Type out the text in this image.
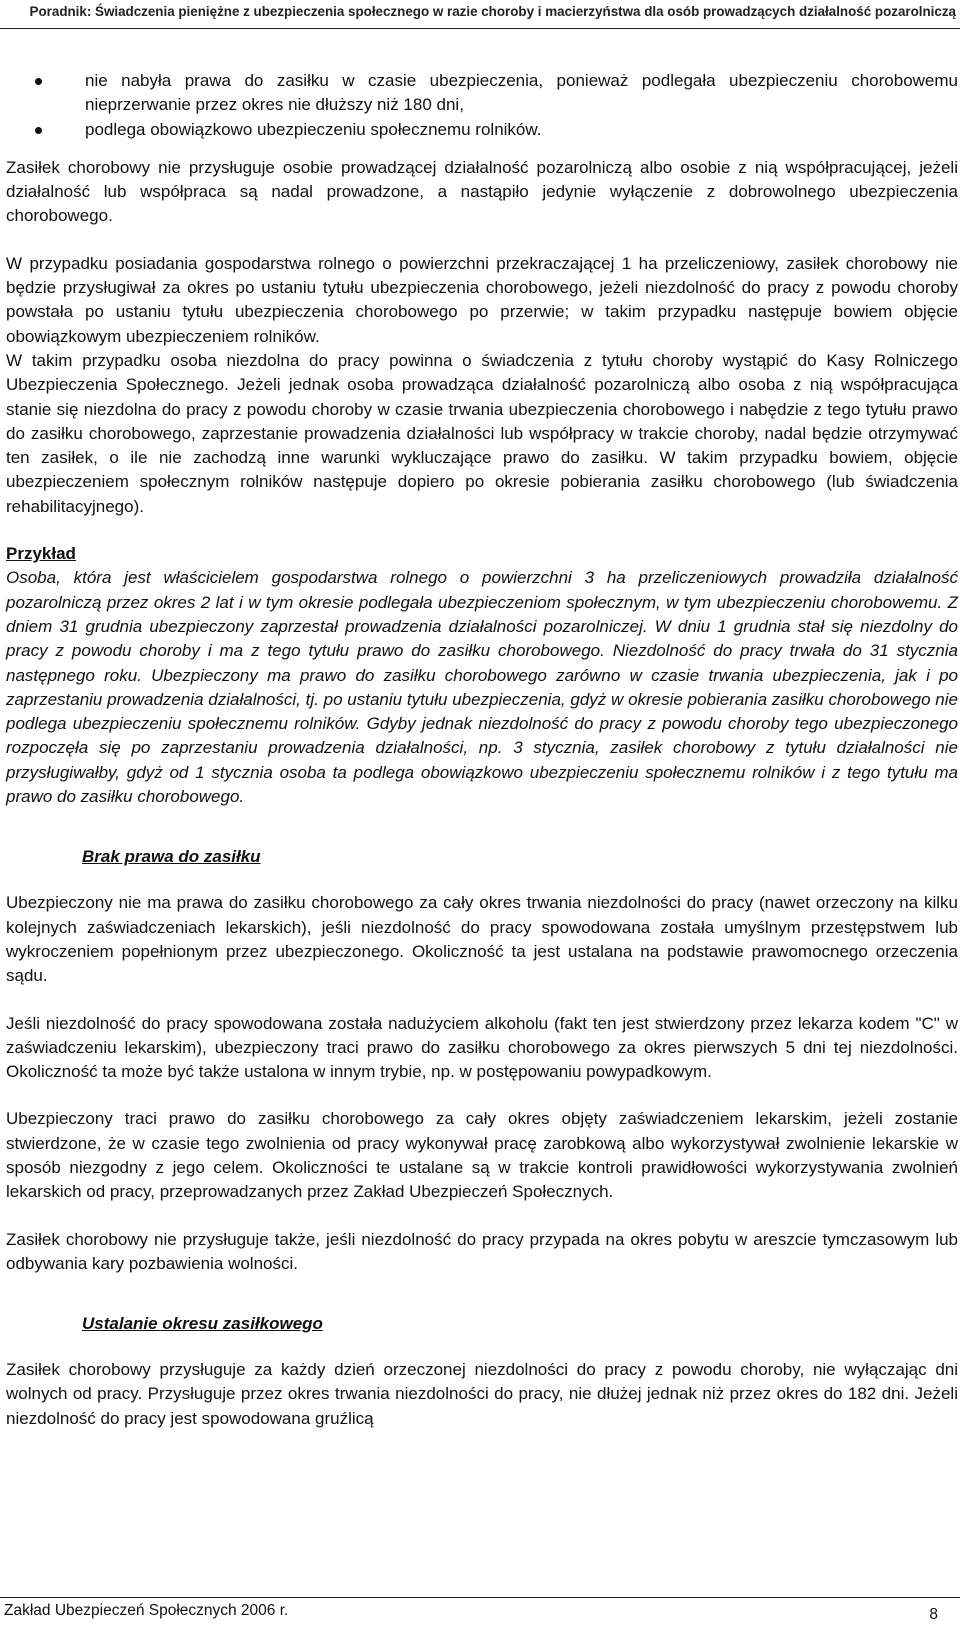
Poradnik: Świadczenia pieniężne z ubezpieczenia społecznego w razie choroby i macierzyństwa dla osób prowadzących działalność pozarolniczą
nie nabyła prawa do zasiłku w czasie ubezpieczenia, ponieważ podlegała ubezpieczeniu chorobowemu nieprzerwanie przez okres nie dłuższy niż 180 dni,
podlega obowiązkowo ubezpieczeniu społecznemu rolników.

Zasiłek chorobowy nie przysługuje osobie prowadzącej działalność pozarolniczą albo osobie z nią współpracującej, jeżeli działalność lub współpraca są nadal prowadzone, a nastąpiło jedynie wyłączenie z dobrowolnego ubezpieczenia chorobowego.

W przypadku posiadania gospodarstwa rolnego o powierzchni przekraczającej 1 ha przeliczeniowy, zasiłek chorobowy nie będzie przysługiwał za okres po ustaniu tytułu ubezpieczenia chorobowego, jeżeli niezdolność do pracy z powodu choroby powstała po ustaniu tytułu ubezpieczenia chorobowego po przerwie; w takim przypadku następuje bowiem objęcie obowiązkowym ubezpieczeniem rolników.

W takim przypadku osoba niezdolna do pracy powinna o świadczenia z tytułu choroby wystąpić do Kasy Rolniczego Ubezpieczenia Społecznego. Jeżeli jednak osoba prowadząca działalność pozarolniczą albo osoba z nią współpracująca stanie się niezdolna do pracy z powodu choroby w czasie trwania ubezpieczenia chorobowego i nabędzie z tego tytułu prawo do zasiłku chorobowego, zaprzestanie prowadzenia działalności lub współpracy w trakcie choroby, nadal będzie otrzymywać ten zasiłek, o ile nie zachodzą inne warunki wykluczające prawo do zasiłku. W takim przypadku bowiem, objęcie ubezpieczeniem społecznym rolników następuje dopiero po okresie pobierania zasiłku chorobowego (lub świadczenia rehabilitacyjnego).

Przykład

Osoba, która jest właścicielem gospodarstwa rolnego o powierzchni 3 ha przeliczeniowych prowadziła działalność pozarolniczą przez okres 2 lat i w tym okresie podlegała ubezpieczeniom społecznym, w tym ubezpieczeniu chorobowemu. Z dniem 31 grudnia ubezpieczony zaprzestał prowadzenia działalności pozarolniczej. W dniu 1 grudnia stał się niezdolny do pracy z powodu choroby i ma z tego tytułu prawo do zasiłku chorobowego. Niezdolność do pracy trwała do 31 stycznia następnego roku. Ubezpieczony ma prawo do zasiłku chorobowego zarówno w czasie trwania ubezpieczenia, jak i po zaprzestaniu prowadzenia działalności, tj. po ustaniu tytułu ubezpieczenia, gdyż w okresie pobierania zasiłku chorobowego nie podlega ubezpieczeniu społecznemu rolników. Gdyby jednak niezdolność do pracy z powodu choroby tego ubezpieczonego rozpoczęła się po zaprzestaniu prowadzenia działalności, np. 3 stycznia, zasiłek chorobowy z tytułu działalności nie przysługiwałby, gdyż od 1 stycznia osoba ta podlega obowiązkowo ubezpieczeniu społecznemu rolników i z tego tytułu ma prawo do zasiłku chorobowego.

Brak prawa do zasiłku

Ubezpieczony nie ma prawa do zasiłku chorobowego za cały okres trwania niezdolności do pracy (nawet orzeczony na kilku kolejnych zaświadczeniach lekarskich), jeśli niezdolność do pracy spowodowana została umyślnym przestępstwem lub wykroczeniem popełnionym przez ubezpieczonego. Okoliczność ta jest ustalana na podstawie prawomocnego orzeczenia sądu.

Jeśli niezdolność do pracy spowodowana została nadużyciem alkoholu (fakt ten jest stwierdzony przez lekarza kodem "C" w zaświadczeniu lekarskim), ubezpieczony traci prawo do zasiłku chorobowego za okres pierwszych 5 dni tej niezdolności. Okoliczność ta może być także ustalona w innym trybie, np. w postępowaniu powypadkowym.

Ubezpieczony traci prawo do zasiłku chorobowego za cały okres objęty zaświadczeniem lekarskim, jeżeli zostanie stwierdzone, że w czasie tego zwolnienia od pracy wykonywał pracę zarobkową albo wykorzystywał zwolnienie lekarskie w sposób niezgodny z jego celem. Okoliczności te ustalane są w trakcie kontroli prawidłowości wykorzystywania zwolnień lekarskich od pracy, przeprowadzanych przez Zakład Ubezpieczeń Społecznych.

Zasiłek chorobowy nie przysługuje także, jeśli niezdolność do pracy przypada na okres pobytu w areszcie tymczasowym lub odbywania kary pozbawienia wolności.

Ustalanie okresu zasiłkowego

Zasiłek chorobowy przysługuje za każdy dzień orzeczonej niezdolności do pracy z powodu choroby, nie wyłączając dni wolnych od pracy. Przysługuje przez okres trwania niezdolności do pracy, nie dłużej jednak niż przez okres do 182 dni. Jeżeli niezdolność do pracy jest spowodowana gruźlicą

Zakład Ubezpieczeń Społecznych 2006 r.	8
